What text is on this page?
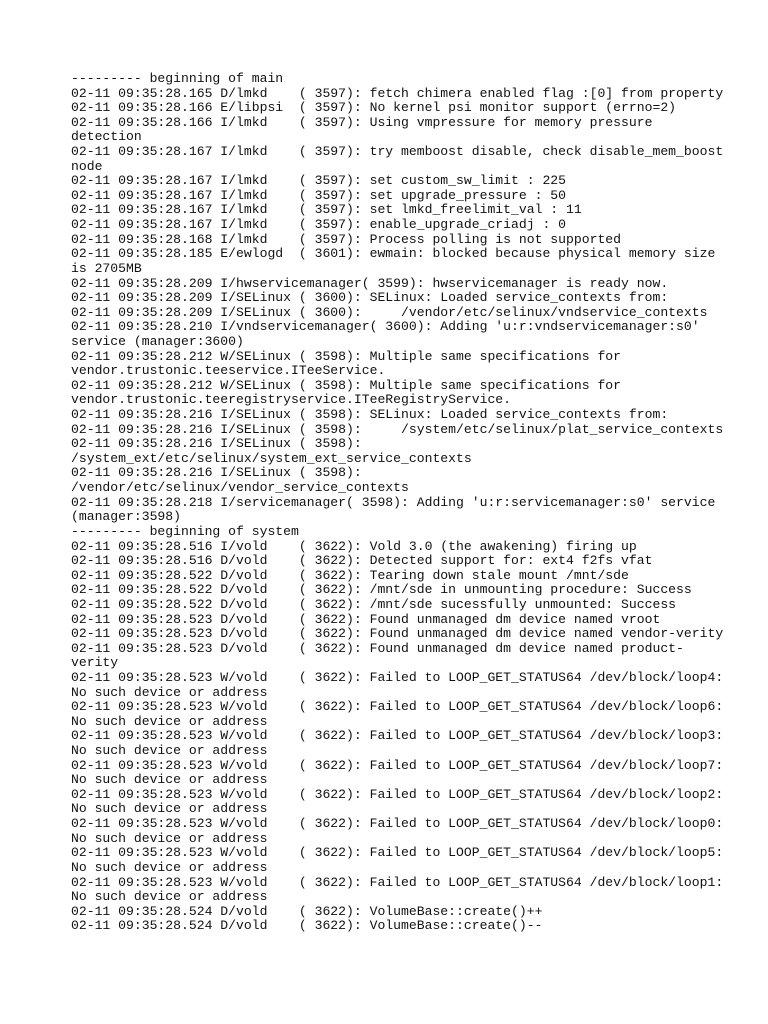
--------- beginning of main
02-11 09:35:28.165 D/lmkd    ( 3597): fetch chimera enabled flag :[0] from property
02-11 09:35:28.166 E/libpsi  ( 3597): No kernel psi monitor support (errno=2)
02-11 09:35:28.166 I/lmkd    ( 3597): Using vmpressure for memory pressure
detection
02-11 09:35:28.167 I/lmkd    ( 3597): try memboost disable, check disable_mem_boost
node
02-11 09:35:28.167 I/lmkd    ( 3597): set custom_sw_limit : 225
02-11 09:35:28.167 I/lmkd    ( 3597): set upgrade_pressure : 50
02-11 09:35:28.167 I/lmkd    ( 3597): set lmkd_freelimit_val : 11
02-11 09:35:28.167 I/lmkd    ( 3597): enable_upgrade_criadj : 0
02-11 09:35:28.168 I/lmkd    ( 3597): Process polling is not supported
02-11 09:35:28.185 E/ewlogd  ( 3601): ewmain: blocked because physical memory size
is 2705MB
02-11 09:35:28.209 I/hwservicemanager( 3599): hwservicemanager is ready now.
02-11 09:35:28.209 I/SELinux ( 3600): SELinux: Loaded service_contexts from:
02-11 09:35:28.209 I/SELinux ( 3600):     /vendor/etc/selinux/vndservice_contexts
02-11 09:35:28.210 I/vndservicemanager( 3600): Adding 'u:r:vndservicemanager:s0'
service (manager:3600)
02-11 09:35:28.212 W/SELinux ( 3598): Multiple same specifications for
vendor.trustonic.teeservice.ITeeService.
02-11 09:35:28.212 W/SELinux ( 3598): Multiple same specifications for
vendor.trustonic.teeregistryservice.ITeeRegistryService.
02-11 09:35:28.216 I/SELinux ( 3598): SELinux: Loaded service_contexts from:
02-11 09:35:28.216 I/SELinux ( 3598):     /system/etc/selinux/plat_service_contexts
02-11 09:35:28.216 I/SELinux ( 3598):
/system_ext/etc/selinux/system_ext_service_contexts
02-11 09:35:28.216 I/SELinux ( 3598):
/vendor/etc/selinux/vendor_service_contexts
02-11 09:35:28.218 I/servicemanager( 3598): Adding 'u:r:servicemanager:s0' service
(manager:3598)
--------- beginning of system
02-11 09:35:28.516 I/vold    ( 3622): Vold 3.0 (the awakening) firing up
02-11 09:35:28.516 D/vold    ( 3622): Detected support for: ext4 f2fs vfat
02-11 09:35:28.522 D/vold    ( 3622): Tearing down stale mount /mnt/sde
02-11 09:35:28.522 D/vold    ( 3622): /mnt/sde in unmounting procedure: Success
02-11 09:35:28.522 D/vold    ( 3622): /mnt/sde sucessfully unmounted: Success
02-11 09:35:28.523 D/vold    ( 3622): Found unmanaged dm device named vroot
02-11 09:35:28.523 D/vold    ( 3622): Found unmanaged dm device named vendor-verity
02-11 09:35:28.523 D/vold    ( 3622): Found unmanaged dm device named product-
verity
02-11 09:35:28.523 W/vold    ( 3622): Failed to LOOP_GET_STATUS64 /dev/block/loop4:
No such device or address
02-11 09:35:28.523 W/vold    ( 3622): Failed to LOOP_GET_STATUS64 /dev/block/loop6:
No such device or address
02-11 09:35:28.523 W/vold    ( 3622): Failed to LOOP_GET_STATUS64 /dev/block/loop3:
No such device or address
02-11 09:35:28.523 W/vold    ( 3622): Failed to LOOP_GET_STATUS64 /dev/block/loop7:
No such device or address
02-11 09:35:28.523 W/vold    ( 3622): Failed to LOOP_GET_STATUS64 /dev/block/loop2:
No such device or address
02-11 09:35:28.523 W/vold    ( 3622): Failed to LOOP_GET_STATUS64 /dev/block/loop0:
No such device or address
02-11 09:35:28.523 W/vold    ( 3622): Failed to LOOP_GET_STATUS64 /dev/block/loop5:
No such device or address
02-11 09:35:28.523 W/vold    ( 3622): Failed to LOOP_GET_STATUS64 /dev/block/loop1:
No such device or address
02-11 09:35:28.524 D/vold    ( 3622): VolumeBase::create()++
02-11 09:35:28.524 D/vold    ( 3622): VolumeBase::create()--
